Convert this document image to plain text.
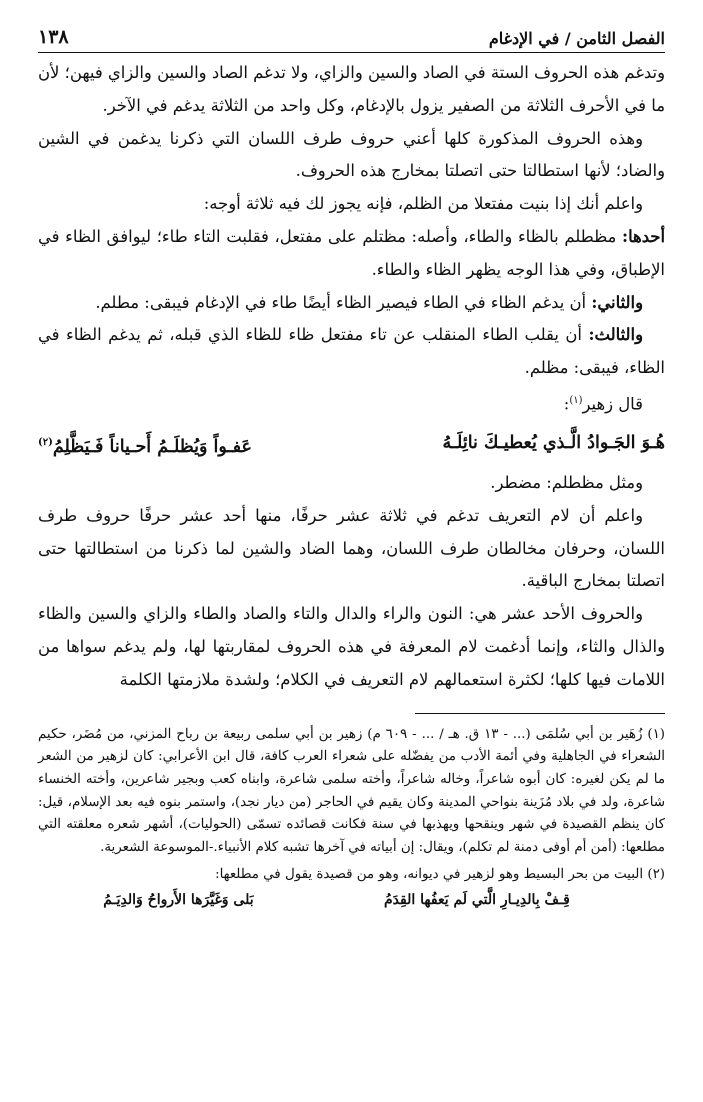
الفصل الثامن / في الإدغام
١٣٨

وتدغم هذه الحروف الستة في الصاد والسين والزاي، ولا تدغم الصاد والسين والزاي فيهن؛ لأن ما في الأحرف الثلاثة من الصفير يزول بالإدغام، وكل واحد من الثلاثة يدغم في الآخر.

وهذه الحروف المذكورة كلها أعني حروف طرف اللسان التي ذكرنا يدغمن في الشين والضاد؛ لأنها استطالتا حتى اتصلتا بمخارج هذه الحروف.

واعلم أنك إذا بنيت مفتعلا من الظلم، فإنه يجوز لك فيه ثلاثة أوجه:

أحدها: مظطلم بالظاء والطاء، وأصله: مظتلم على مفتعل، فقلبت التاء طاء؛ ليوافق الظاء في الإطباق، وفي هذا الوجه يظهر الظاء والطاء.

والثاني: أن يدغم الظاء في الطاء فيصير الظاء أيضًا طاء في الإدغام فيبقى: مطلم.

والثالث: أن يقلب الطاء المنقلب عن تاء مفتعل ظاء للظاء الذي قبله، ثم يدغم الظاء في الظاء، فيبقى: مظلم.

قال زهير$^{(١)}$:

هُـوَ الجَـوادُ الَّـذي يُعطيـكَ نائِلَـهُ
عَفـواً وَيُظلَـمُ أَحـياناً فَـيَظَّلِمُ$^{(٢)}$

ومثل مظطلم: مضطر.

واعلم أن لام التعريف تدغم في ثلاثة عشر حرفًا، منها أحد عشر حرفًا حروف طرف اللسان، وحرفان مخالطان طرف اللسان، وهما الضاد والشين لما ذكرنا من استطالتها حتى اتصلتا بمخارج الباقية.

والحروف الأحد عشر هي: النون والراء والدال والتاء والصاد والطاء والزاي والسين والظاء والذال والثاء، وإنما أدغمت لام المعرفة في هذه الحروف لمقاربتها لها، ولم يدغم سواها من اللامات فيها كلها؛ لكثرة استعمالهم لام التعريف في الكلام؛ ولشدة ملازمتها الكلمة

(١) زُهَير بن أبي سُلمَى (... - ١٣ ق. هـ / ... - ٦٠٩ م) زهير بن أبي سلمى ربيعة بن رباح المزني، من مُضَر، حكيم الشعراء في الجاهلية وفي أئمة الأدب من يفضّله على شعراء العرب كافة، قال ابن الأعرابي: كان لزهير من الشعر ما لم يكن لغيره: كان أبوه شاعراً، وخاله شاعراً، وأخته سلمى شاعرة، وابناه كعب وبجير شاعرين، وأخته الخنساء شاعرة، ولد في بلاد مُزَينة بنواحي المدينة وكان يقيم في الحاجر (من ديار نجد)، واستمر بنوه فيه بعد الإسلام، قيل: كان ينظم القصيدة في شهر وينقحها ويهذبها في سنة فكانت قصائده تسمّى (الحوليات)، أشهر شعره معلقته التي مطلعها: (أمن أم أوفى دمنة لم تكلم)، ويقال: إن أبياته في آخرها تشبه كلام الأنبياء.-الموسوعة الشعرية.

(٢) البيت من بحر البسيط وهو لزهير في ديوانه، وهو من قصيدة يقول في مطلعها:

قِـفْ بِالدِيـارِ الَّتي لَم يَعفُها القِدَمُ
بَلى وَغَيَّرَها الأَرواحُ وَالدِيَـمُ
